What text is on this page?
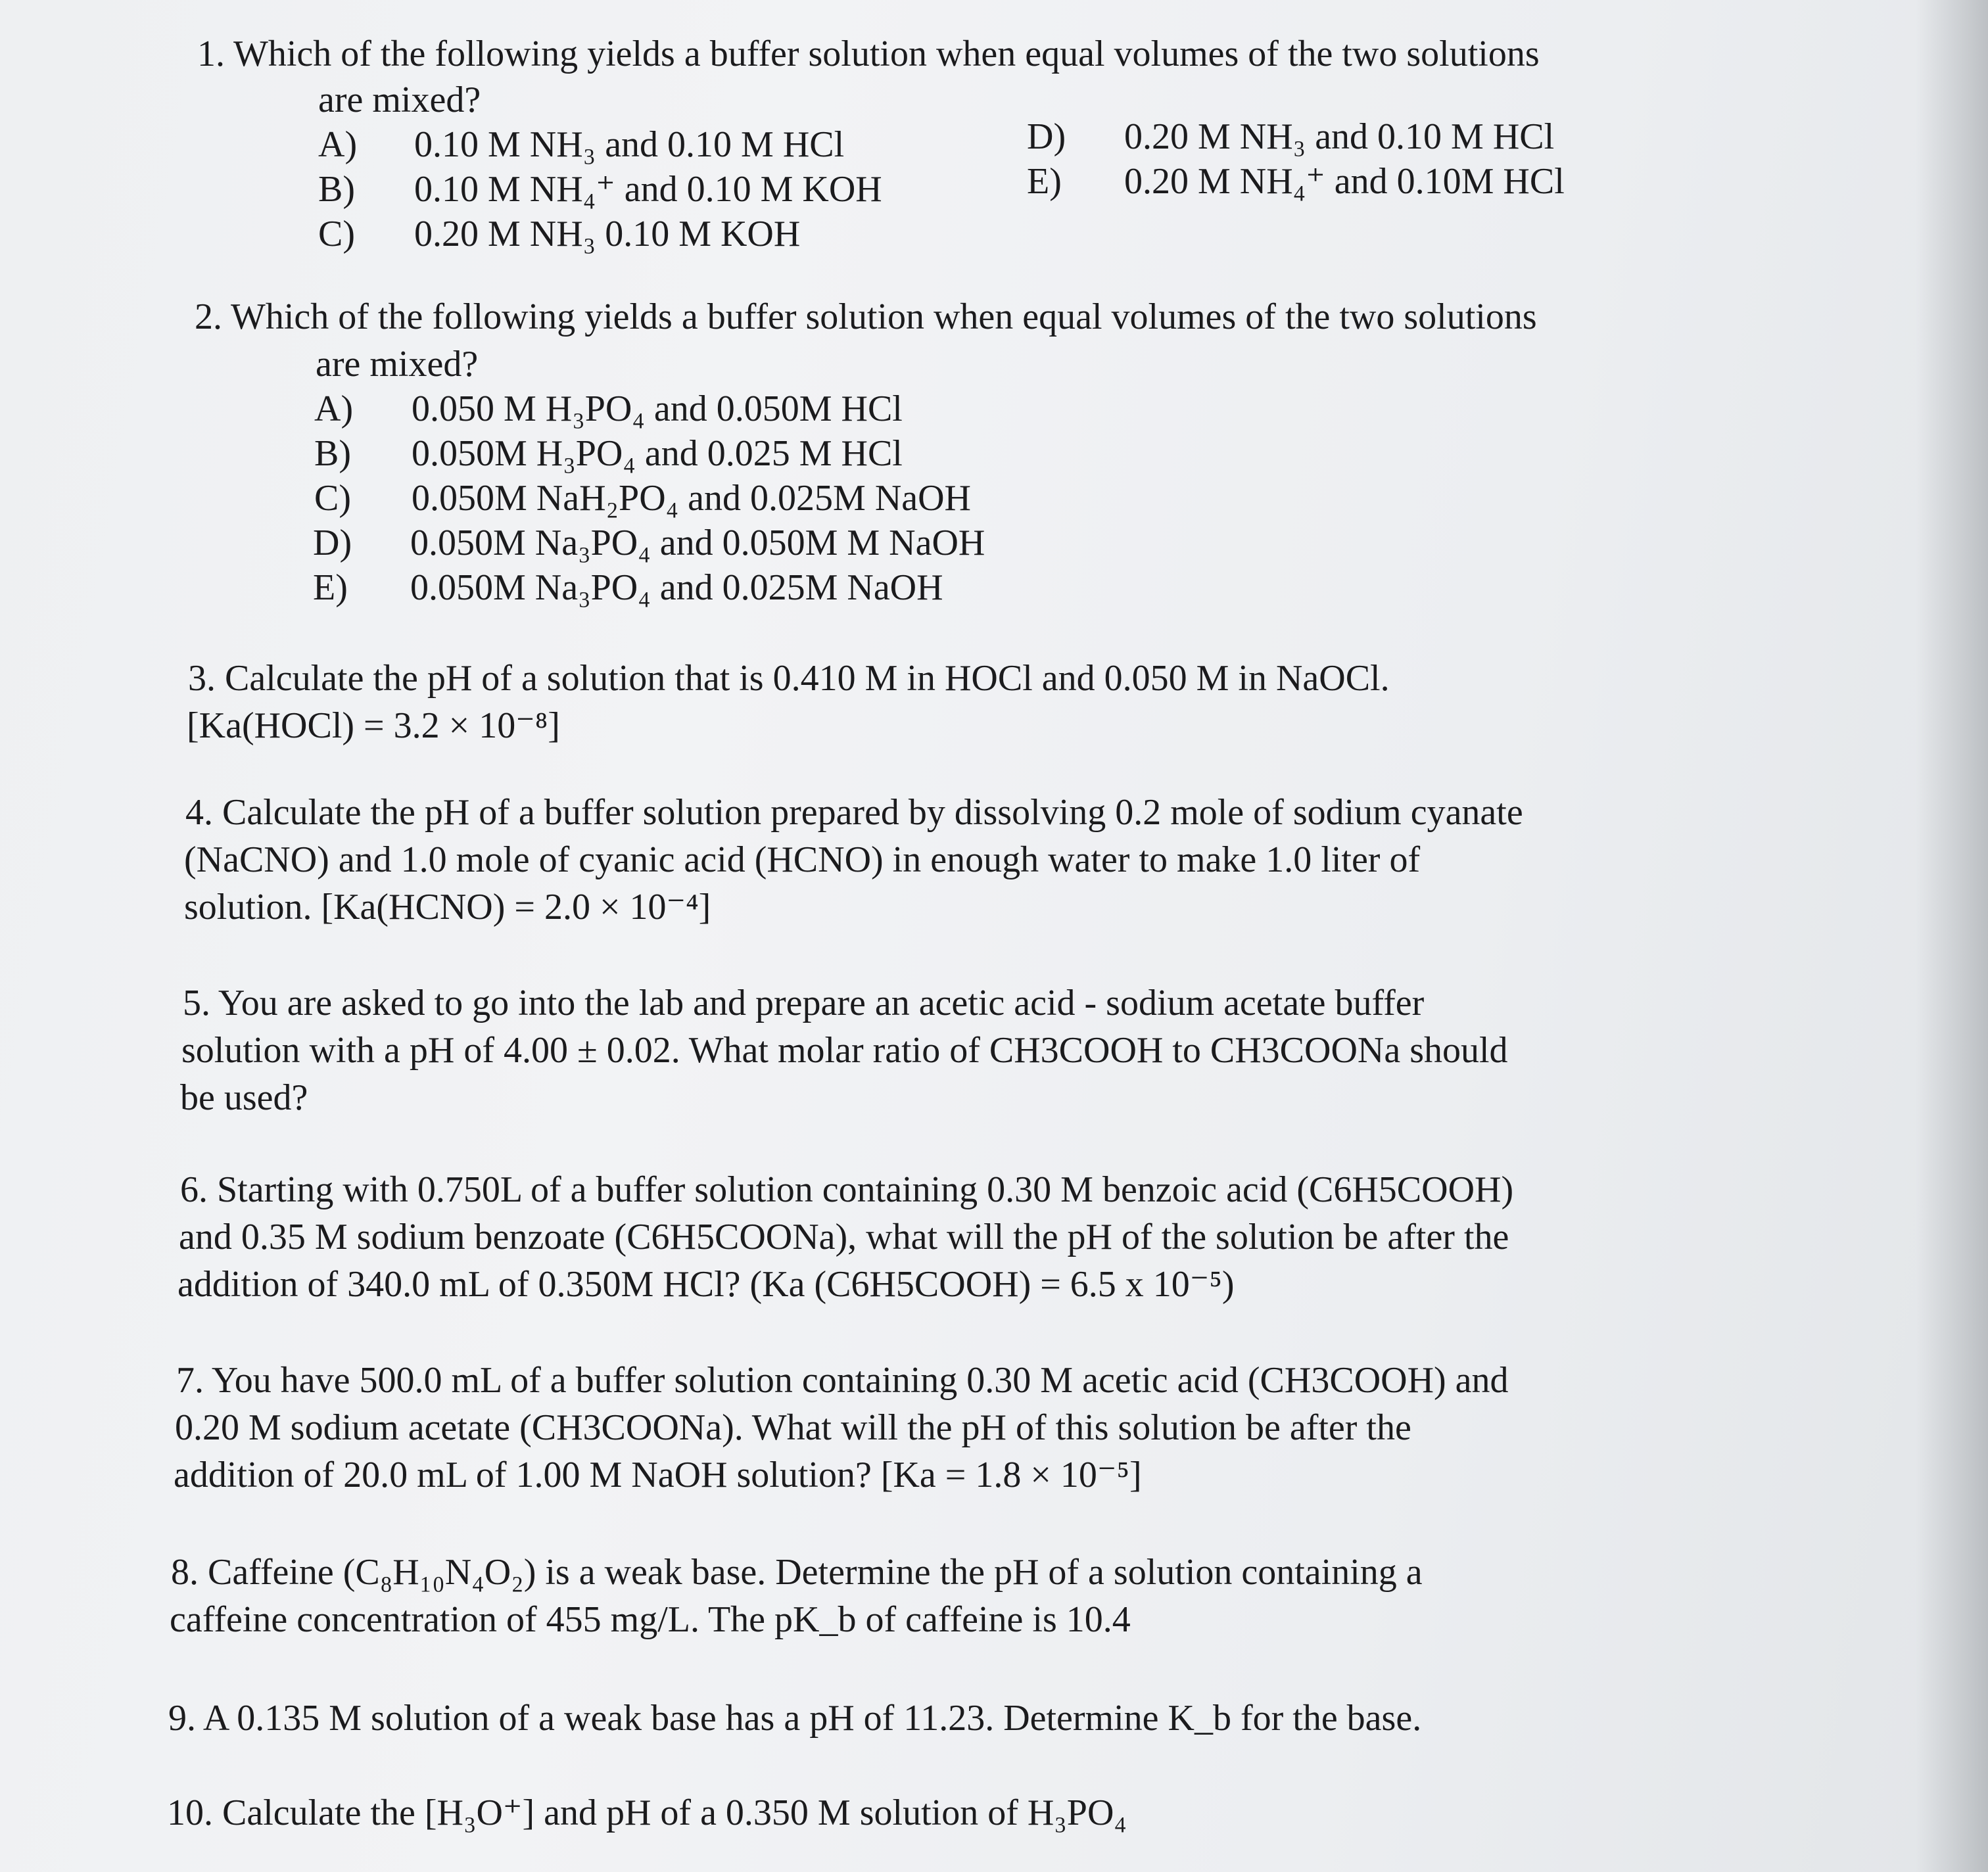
1. Which of the following yields a buffer solution when equal volumes of the two solutions
are mixed?
A) 0.10 M NH₃ and 0.10 M HCl
B) 0.10 M NH₄⁺ and 0.10 M KOH
C) 0.20 M NH₃ 0.10 M KOH
D) 0.20 M NH₃ and 0.10 M HCl
E) 0.20 M NH₄⁺ and 0.10M HCl
2. Which of the following yields a buffer solution when equal volumes of the two solutions
are mixed?
A) 0.050 M H₃PO₄ and 0.050M HCl
B) 0.050M H₃PO₄ and 0.025 M HCl
C) 0.050M NaH₂PO₄ and 0.025M NaOH
D) 0.050M Na₃PO₄ and 0.050M M NaOH
E) 0.050M Na₃PO₄ and 0.025M NaOH
3. Calculate the pH of a solution that is 0.410 M in HOCl and 0.050 M in NaOCl.
[Ka(HOCl) = 3.2 × 10⁻⁸]
4. Calculate the pH of a buffer solution prepared by dissolving 0.2 mole of sodium cyanate
(NaCNO) and 1.0 mole of cyanic acid (HCNO) in enough water to make 1.0 liter of
solution. [Ka(HCNO) = 2.0 × 10⁻⁴]
5. You are asked to go into the lab and prepare an acetic acid - sodium acetate buffer
solution with a pH of 4.00 ± 0.02. What molar ratio of CH3COOH to CH3COONa should
be used?
6. Starting with 0.750L of a buffer solution containing 0.30 M benzoic acid (C6H5COOH)
and 0.35 M sodium benzoate (C6H5COONa), what will the pH of the solution be after the
addition of 340.0 mL of 0.350M HCl? (Ka (C6H5COOH) = 6.5 x 10⁻⁵)
7. You have 500.0 mL of a buffer solution containing 0.30 M acetic acid (CH3COOH) and
0.20 M sodium acetate (CH3COONa). What will the pH of this solution be after the
addition of 20.0 mL of 1.00 M NaOH solution? [Ka = 1.8 × 10⁻⁵]
8. Caffeine (C₈H₁₀N₄O₂) is a weak base. Determine the pH of a solution containing a
caffeine concentration of 455 mg/L. The pK_b of caffeine is 10.4
9. A 0.135 M solution of a weak base has a pH of 11.23. Determine K_b for the base.
10. Calculate the [H₃O⁺] and pH of a 0.350 M solution of H₃PO₄
